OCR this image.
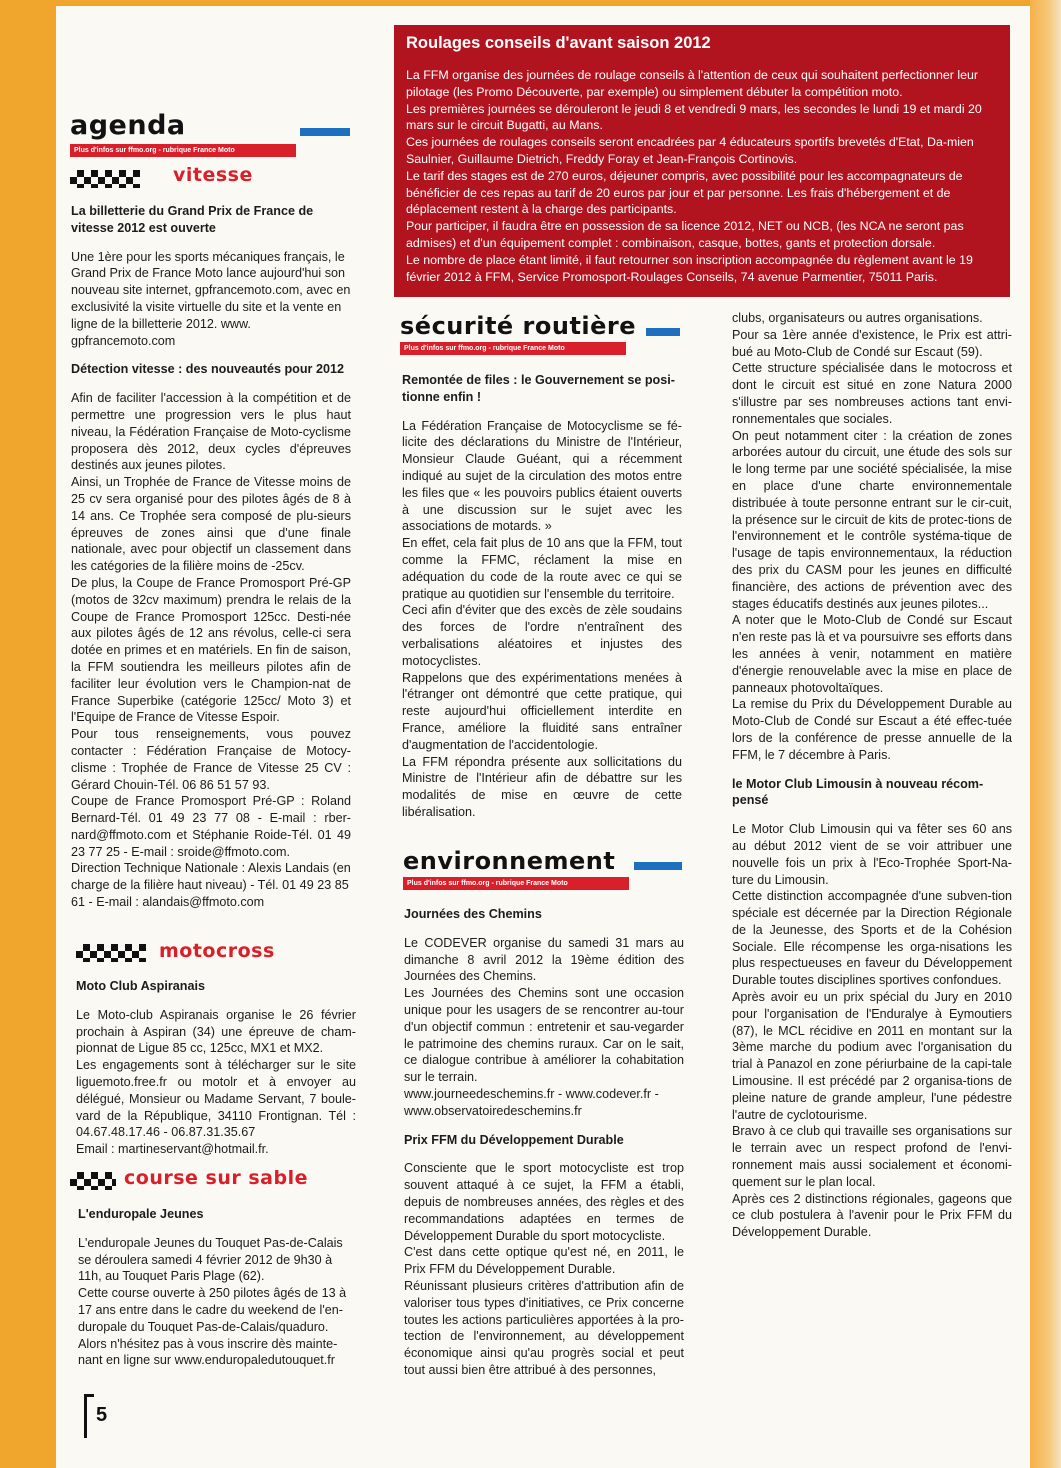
agenda
Plus d'infos sur ffmo.org - rubrique France Moto
vitesse
La billetterie du Grand Prix de France de vitesse 2012 est ouverte

Une 1ère pour les sports mécaniques français, le Grand Prix de France Moto lance aujourd'hui son nouveau site internet, gpfrancemoto.com, avec en exclusivité la visite virtuelle du site et la vente en ligne de la billetterie 2012. www. gpfrancemoto.com

Détection vitesse : des nouveautés pour 2012

Afin de faciliter l'accession à la compétition et de permettre une progression vers le plus haut niveau, la Fédération Française de Moto-cyclisme proposera dès 2012, deux cycles d'épreuves destinés aux jeunes pilotes.

Ainsi, un Trophée de France de Vitesse moins de 25 cv sera organisé pour des pilotes âgés de 8 à 14 ans. Ce Trophée sera composé de plu-sieurs épreuves de zones ainsi que d'une finale nationale, avec pour objectif un classement dans les catégories de la filière moins de -25cv.

De plus, la Coupe de France Promosport Pré-GP (motos de 32cv maximum) prendra le relais de la Coupe de France Promosport 125cc. Desti-née aux pilotes âgés de 12 ans révolus, celle-ci sera dotée en primes et en matériels. En fin de saison, la FFM soutiendra les meilleurs pilotes afin de faciliter leur évolution vers le Champion-nat de France Superbike (catégorie 125cc/ Moto 3) et l'Equipe de France de Vitesse Espoir.

Pour tous renseignements, vous pouvez contacter : Fédération Française de Motocy-clisme : Trophée de France de Vitesse 25 CV : Gérard Chouin-Tél. 06 86 51 57 93.

Coupe de France Promosport Pré-GP : Roland Bernard-Tél. 01 49 23 77 08 - E-mail : rber-nard@ffmoto.com et Stéphanie Roide-Tél. 01 49 23 77 25 - E-mail : sroide@ffmoto.com.

Direction Technique Nationale : Alexis Landais (en charge de la filière haut niveau) - Tél. 01 49 23 85 61 - E-mail : alandais@ffmoto.com

motocross
Moto Club Aspiranais

Le Moto-club Aspiranais organise le 26 février prochain à Aspiran (34) une épreuve de cham-pionnat de Ligue 85 cc, 125cc, MX1 et MX2.

Les engagements sont à télécharger sur le site liguemoto.free.fr ou motolr et à envoyer au délégué, Monsieur ou Madame Servant, 7 boule-vard de la République, 34110 Frontignan. Tél : 04.67.48.17.46 - 06.87.31.35.67

Email : martineservant@hotmail.fr.

course sur sable
L'enduropale Jeunes

L'enduropale Jeunes du Touquet Pas-de-Calais se déroulera samedi 4 février 2012 de 9h30 à 11h, au Touquet Paris Plage (62).

Cette course ouverte à 250 pilotes âgés de 13 à 17 ans entre dans le cadre du weekend de l'en-duropale du Touquet Pas-de-Calais/quaduro.

Alors n'hésitez pas à vous inscrire dès mainte-nant en ligne sur www.enduropaledutouquet.fr

Roulages conseils d'avant saison 2012

La FFM organise des journées de roulage conseils à l'attention de ceux qui souhaitent perfectionner leur pilotage (les Promo Découverte, par exemple) ou simplement débuter la compétition moto.

Les premières journées se dérouleront le jeudi 8 et vendredi 9 mars, les secondes le lundi 19 et mardi 20 mars sur le circuit Bugatti, au Mans.

Ces journées de roulages conseils seront encadrées par 4 éducateurs sportifs brevetés d'Etat, Da-mien Saulnier, Guillaume Dietrich, Freddy Foray et Jean-François Cortinovis.

Le tarif des stages est de 270 euros, déjeuner compris, avec possibilité pour les accompagnateurs de bénéficier de ces repas au tarif de 20 euros par jour et par personne. Les frais d'hébergement et de déplacement restent à la charge des participants.

Pour participer, il faudra être en possession de sa licence 2012, NET ou NCB, (les NCA ne seront pas admises) et d'un équipement complet : combinaison, casque, bottes, gants et protection dorsale.

Le nombre de place étant limité, il faut retourner son inscription accompagnée du règlement avant le 19 février 2012 à FFM, Service Promosport-Roulages Conseils, 74 avenue Parmentier, 75011 Paris.

sécurité routière
Plus d'infos sur ffmo.org - rubrique France Moto
Remontée de files : le Gouvernement se posi-tionne enfin !

La Fédération Française de Motocyclisme se fé-licite des déclarations du Ministre de l'Intérieur, Monsieur Claude Guéant, qui a récemment indiqué au sujet de la circulation des motos entre les files que « les pouvoirs publics étaient ouverts à une discussion sur le sujet avec les associations de motards. »

En effet, cela fait plus de 10 ans que la FFM, tout comme la FFMC, réclament la mise en adéquation du code de la route avec ce qui se pratique au quotidien sur l'ensemble du territoire.

Ceci afin d'éviter que des excès de zèle soudains des forces de l'ordre n'entraînent des verbalisations aléatoires et injustes des motocyclistes.

Rappelons que des expérimentations menées à l'étranger ont démontré que cette pratique, qui reste aujourd'hui officiellement interdite en France, améliore la fluidité sans entraîner d'augmentation de l'accidentologie.

La FFM répondra présente aux sollicitations du Ministre de l'Intérieur afin de débattre sur les modalités de mise en œuvre de cette libéralisation.

environnement
Plus d'infos sur ffmo.org - rubrique France Moto
Journées des Chemins

Le CODEVER organise du samedi 31 mars au dimanche 8 avril 2012 la 19ème édition des Journées des Chemins.

Les Journées des Chemins sont une occasion unique pour les usagers de se rencontrer au-tour d'un objectif commun : entretenir et sau-vegarder le patrimoine des chemins ruraux. Car on le sait, ce dialogue contribue à améliorer la cohabitation sur le terrain.

www.journeedeschemins.fr - www.codever.fr - www.observatoiredeschemins.fr

Prix FFM du Développement Durable

Consciente que le sport motocycliste est trop souvent attaqué à ce sujet, la FFM a établi, depuis de nombreuses années, des règles et des recommandations adaptées en termes de Développement Durable du sport motocycliste.

C'est dans cette optique qu'est né, en 2011, le Prix FFM du Développement Durable.

Réunissant plusieurs critères d'attribution afin de valoriser tous types d'initiatives, ce Prix concerne toutes les actions particulières apportées à la pro-tection de l'environnement, au développement économique ainsi qu'au progrès social et peut tout aussi bien être attribué à des personnes,

clubs, organisateurs ou autres organisations.

Pour sa 1ère année d'existence, le Prix est attri-bué au Moto-Club de Condé sur Escaut (59).

Cette structure spécialisée dans le motocross et dont le circuit est situé en zone Natura 2000 s'illustre par ses nombreuses actions tant envi-ronnementales que sociales.

On peut notamment citer : la création de zones arborées autour du circuit, une étude des sols sur le long terme par une société spécialisée, la mise en place d'une charte environnementale distribuée à toute personne entrant sur le cir-cuit, la présence sur le circuit de kits de protec-tions de l'environnement et le contrôle systéma-tique de l'usage de tapis environnementaux, la réduction des prix du CASM pour les jeunes en difficulté financière, des actions de prévention avec des stages éducatifs destinés aux jeunes pilotes...

A noter que le Moto-Club de Condé sur Escaut n'en reste pas là et va poursuivre ses efforts dans les années à venir, notamment en matière d'énergie renouvelable avec la mise en place de panneaux photovoltaïques.

La remise du Prix du Développement Durable au Moto-Club de Condé sur Escaut a été effec-tuée lors de la conférence de presse annuelle de la FFM, le 7 décembre à Paris.

le Motor Club Limousin à nouveau récom-pensé

Le Motor Club Limousin qui va fêter ses 60 ans au début 2012 vient de se voir attribuer une nouvelle fois un prix à l'Eco-Trophée Sport-Na-ture du Limousin.

Cette distinction accompagnée d'une subven-tion spéciale est décernée par la Direction Régionale de la Jeunesse, des Sports et de la Cohésion Sociale. Elle récompense les orga-nisations les plus respectueuses en faveur du Développement Durable toutes disciplines sportives confondues.

Après avoir eu un prix spécial du Jury en 2010 pour l'organisation de l'Enduralye à Eymoutiers (87), le MCL récidive en 2011 en montant sur la 3ème marche du podium avec l'organisation du trial à Panazol en zone périurbaine de la capi-tale Limousine. Il est précédé par 2 organisa-tions de pleine nature de grande ampleur, l'une pédestre l'autre de cyclotourisme.

Bravo à ce club qui travaille ses organisations sur le terrain avec un respect profond de l'envi-ronnement mais aussi socialement et économi-quement sur le plan local.

Après ces 2 distinctions régionales, gageons que ce club postulera à l'avenir pour le Prix FFM du Développement Durable.

5
